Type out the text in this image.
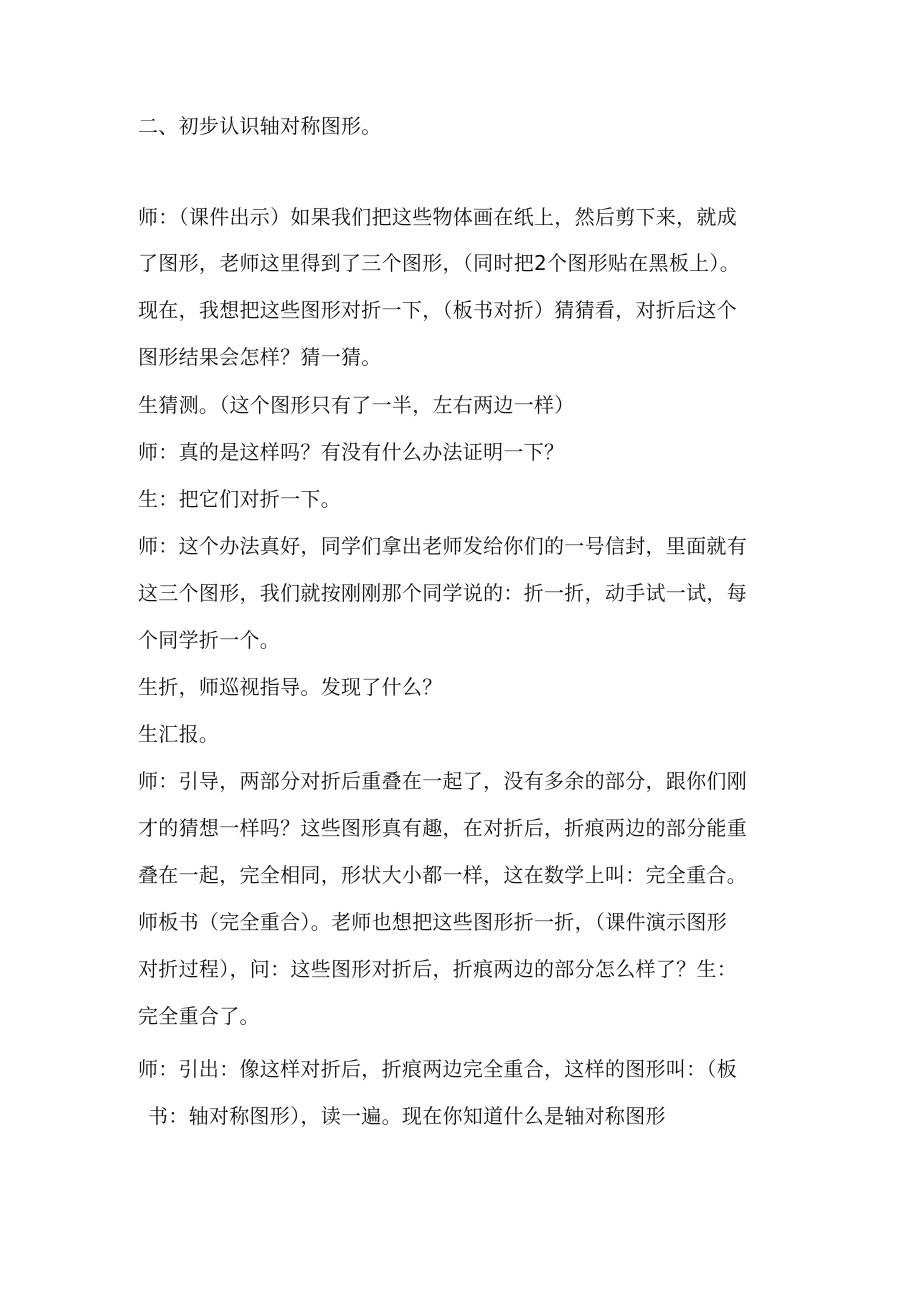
二、初步认识轴对称图形。
师：（课件出示）如果我们把这些物体画在纸上，然后剪下来，就成
了图形，老师这里得到了三个图形，（同时把2个图形贴在黑板上）。
现在，我想把这些图形对折一下，（板书对折）猜猜看，对折后这个
图形结果会怎样？猜一猜。
生猜测。（这个图形只有了一半，左右两边一样）
师：真的是这样吗？有没有什么办法证明一下？
生：把它们对折一下。
师：这个办法真好，同学们拿出老师发给你们的一号信封，里面就有
这三个图形，我们就按刚刚那个同学说的：折一折，动手试一试，每
个同学折一个。
生折，师巡视指导。发现了什么？
生汇报。
师：引导，两部分对折后重叠在一起了，没有多余的部分，跟你们刚
才的猜想一样吗？这些图形真有趣，在对折后，折痕两边的部分能重
叠在一起，完全相同，形状大小都一样，这在数学上叫：完全重合。
师板书（完全重合）。老师也想把这些图形折一折，（课件演示图形
对折过程），问：这些图形对折后，折痕两边的部分怎么样了？生：
完全重合了。
师：引出：像这样对折后，折痕两边完全重合，这样的图形叫：（板
书：轴对称图形），读一遍。现在你知道什么是轴对称图形
